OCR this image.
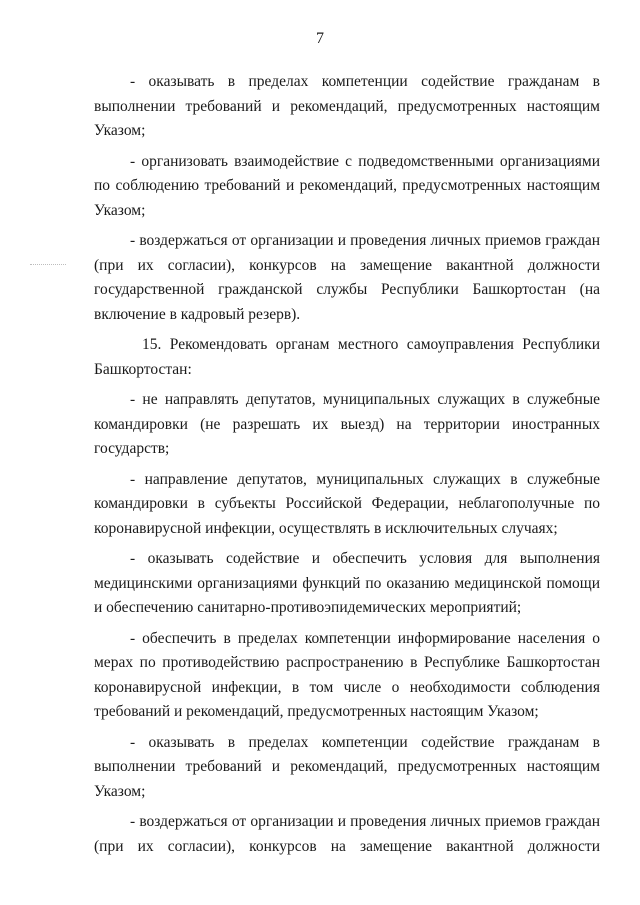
7

- оказывать в пределах компетенции содействие гражданам в выполнении требований и рекомендаций, предусмотренных настоящим Указом;

- организовать взаимодействие с подведомственными организациями по соблюдению требований и рекомендаций, предусмотренных настоящим Указом;

- воздержаться от организации и проведения личных приемов граждан (при их согласии), конкурсов на замещение вакантной должности государственной гражданской службы Республики Башкортостан (на включение в кадровый резерв).

15. Рекомендовать органам местного самоуправления Республики Башкортостан:

- не направлять депутатов, муниципальных служащих в служебные командировки (не разрешать их выезд) на территории иностранных государств;

- направление депутатов, муниципальных служащих в служебные командировки в субъекты Российской Федерации, неблагополучные по коронавирусной инфекции, осуществлять в исключительных случаях;

- оказывать содействие и обеспечить условия для выполнения медицинскими организациями функций по оказанию медицинской помощи и обеспечению санитарно-противоэпидемических мероприятий;

- обеспечить в пределах компетенции информирование населения о мерах по противодействию распространению в Республике Башкортостан коронавирусной инфекции, в том числе о необходимости соблюдения требований и рекомендаций, предусмотренных настоящим Указом;

- оказывать в пределах компетенции содействие гражданам в выполнении требований и рекомендаций, предусмотренных настоящим Указом;

- воздержаться от организации и проведения личных приемов граждан (при их согласии), конкурсов на замещение вакантной должности
